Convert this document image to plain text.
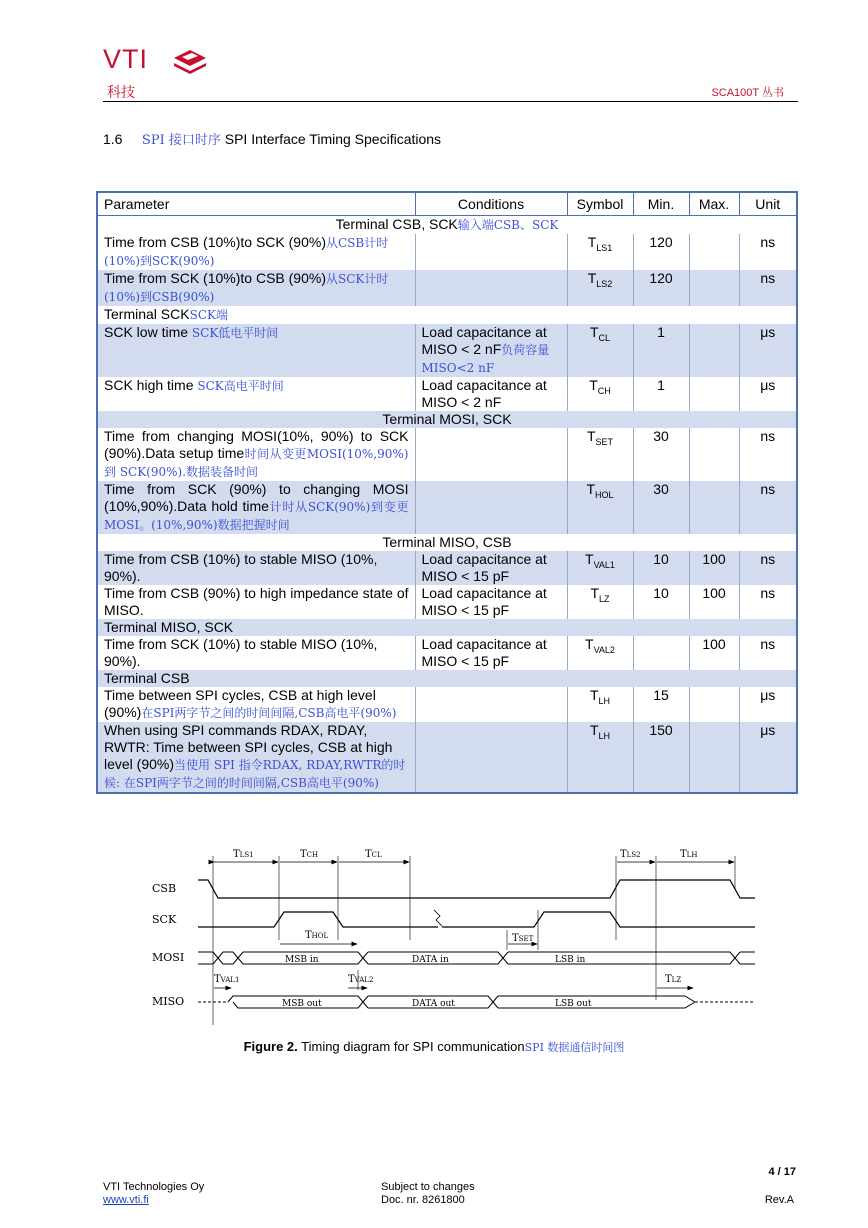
VTI
科技	SCA100T 丛书
1.6 SPI 接口时序 SPI Interface Timing Specifications
Parameter	Conditions	Symbol	Min.	Max.	Unit
Terminal CSB, SCK输入端CSB、SCK					
Time from CSB (10%)to SCK (90%)从CSB计时(10%)到SCK(90%)		$T_{LS1}$	120		ns
Time from SCK (10%)to CSB (90%)从SCK计时(10%)到CSB(90%)		$T_{LS2}$	120		ns
Terminal SCKSCK端					
SCK low time SCK低电平时间	Load capacitance at MISO < 2 nF负荷容量MISO<2 nF	$T_{CL}$	1		μs
SCK high time SCK高电平时间	Load capacitance at MISO < 2 nF	$T_{CH}$	1		μs
Terminal MOSI, SCK					
Time from changing MOSI(10%, 90%) to SCK (90%).Data setup time时间从变更MOSI(10%,90%) 到 SCK(90%).数据装备时间		$T_{SET}$	30		ns
Time from SCK (90%) to changing MOSI (10%,90%).Data hold time计时从SCK(90%)到变更 MOSI。(10%,90%)数据把握时间		$T_{HOL}$	30		ns
Terminal MISO, CSB					
Time from CSB (10%) to stable MISO (10%, 90%).	Load capacitance at MISO < 15 pF	$T_{VAL1}$	10	100	ns
Time from CSB (90%) to high impedance state of MISO.	Load capacitance at MISO < 15 pF	$T_{LZ}$	10	100	ns
Terminal MISO, SCK					
Time from SCK (10%) to stable MISO (10%, 90%).	Load capacitance at MISO < 15 pF	$T_{VAL2}$		100	ns
Terminal CSB					
Time between SPI cycles, CSB at high level (90%)在SPI两字节之间的时间间隔,CSB高电平(90%)		$T_{LH}$	15		μs
When using SPI commands RDAX, RDAY, RWTR: Time between SPI cycles, CSB at high level (90%)当使用 SPI 指令RDAX, RDAY,RWTR的时候: 在SPI两字节之间的时间间隔,CSB高电平(90%)		$T_{LH}$	150		μs
CSB
SCK
MOSI
MISO
TLS1	TCH	TCL	TLS2	TLH
MSB in	DATA in	LSB in
THOL	TSET
TVAL1	TVAL2	TLZ
MSB out	DATA out	LSB out
Figure 2. Timing diagram for SPI communicationSPI 数据通信时间图
4 / 17
VTI Technologies Oy
www.vti.fi
Subject to changes
Doc. nr. 8261800	Rev.A
